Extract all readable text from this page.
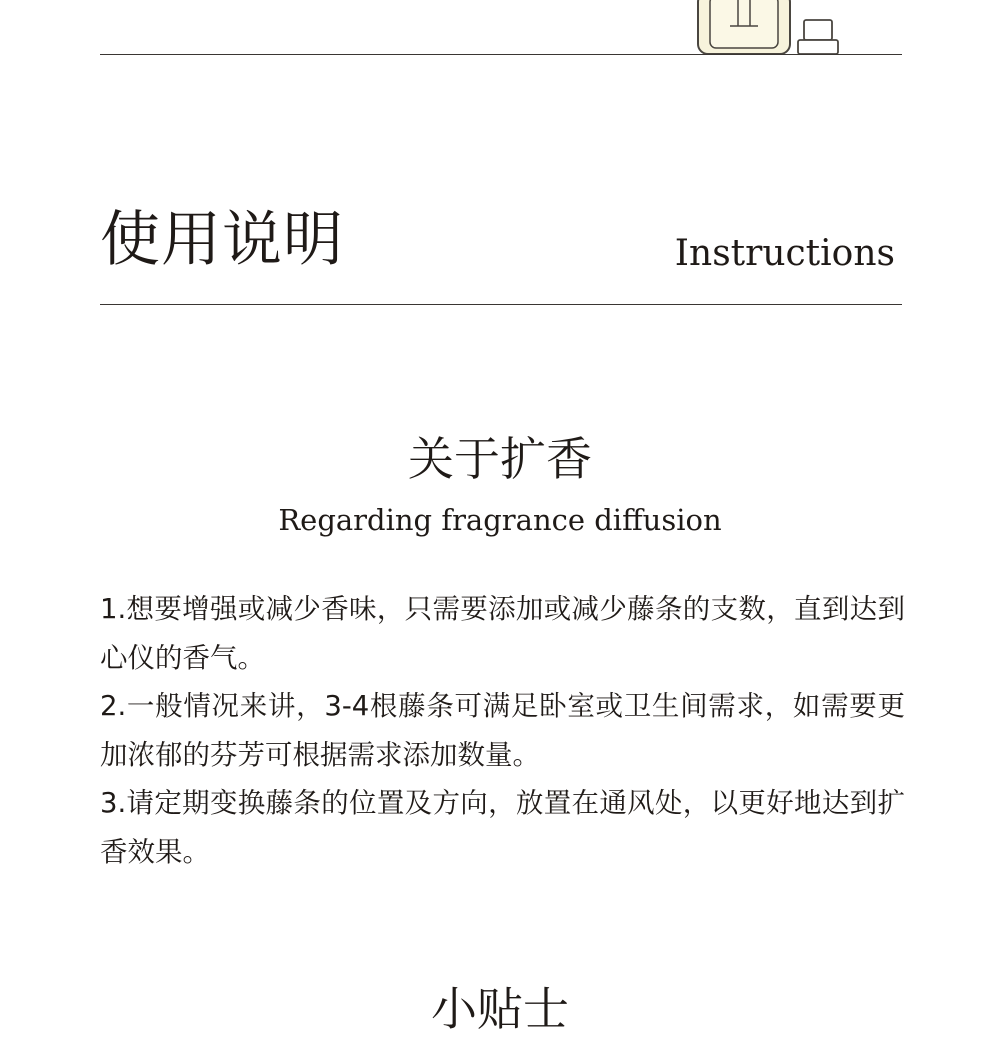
使用说明	Instructions
关于扩香
Regarding fragrance diffusion

1.想要增强或减少香味，只需要添加或减少藤条的支数，直到达到心仪的香气。

2.一般情况来讲，3-4根藤条可满足卧室或卫生间需求，如需要更加浓郁的芬芳可根据需求添加数量。

3.请定期变换藤条的位置及方向，放置在通风处，以更好地达到扩香效果。

小贴士
